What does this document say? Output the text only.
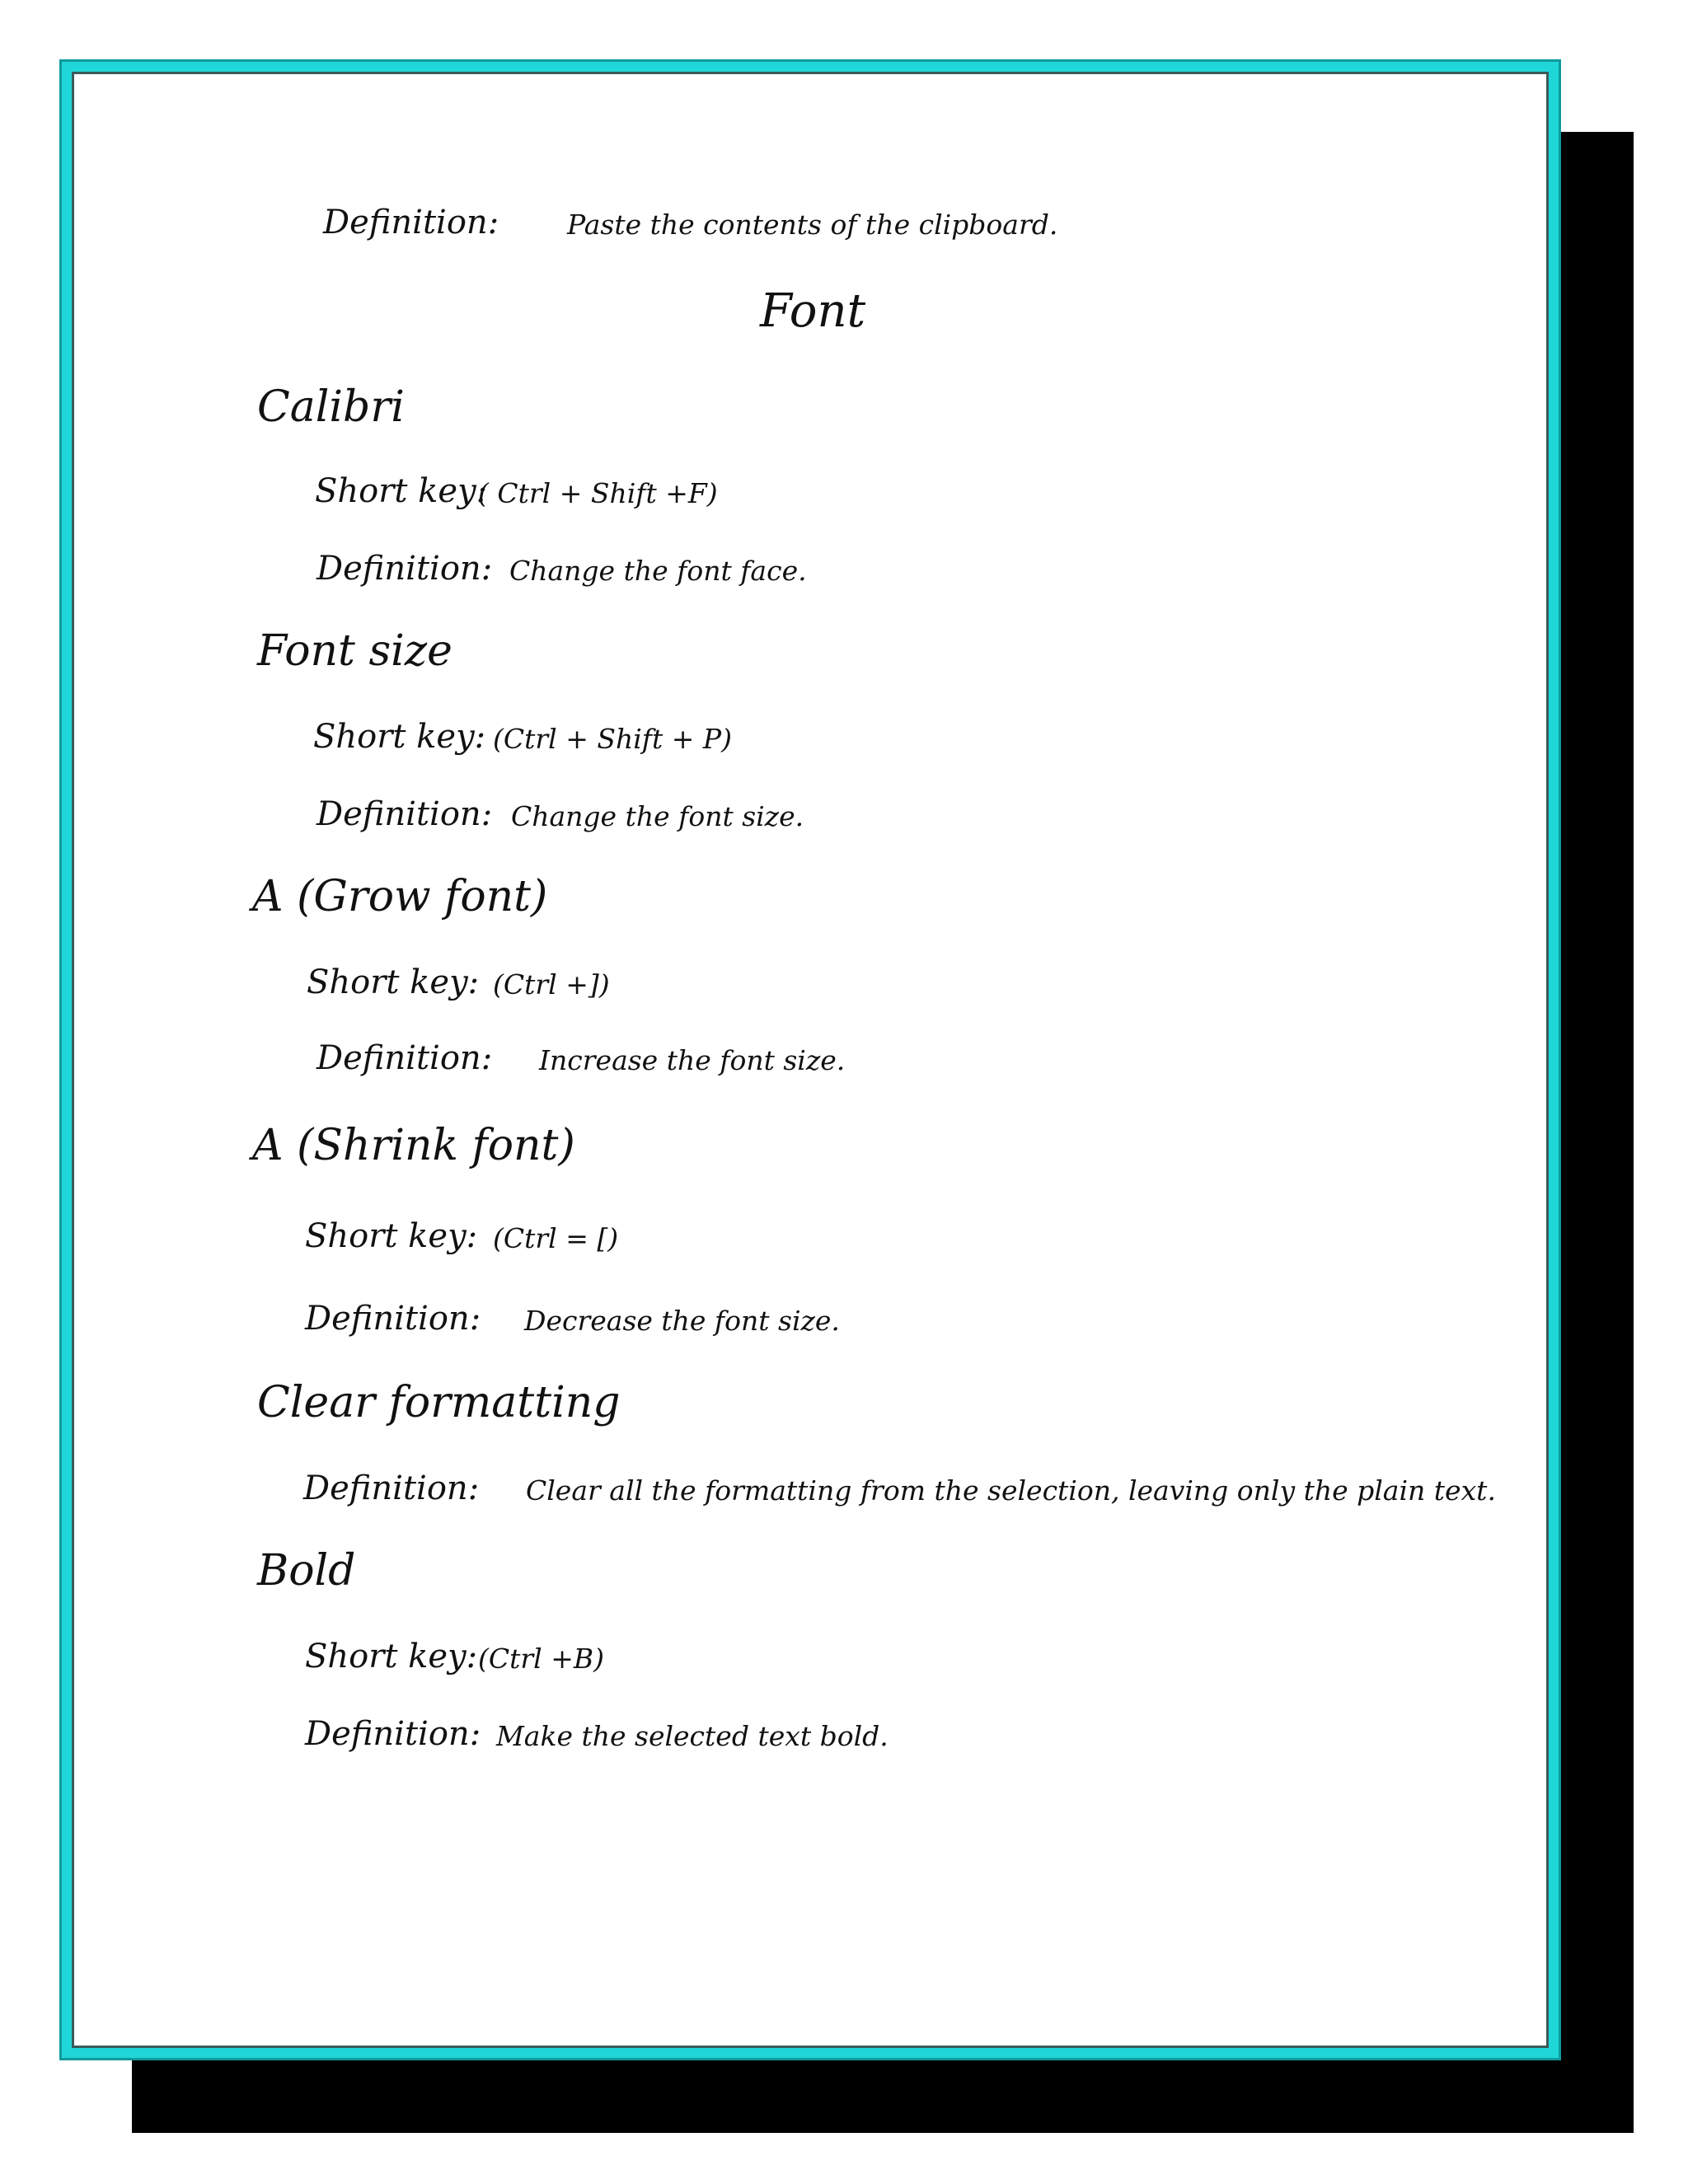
Definition:	Paste the contents of the clipboard.
Font
Calibri
Short key:
( Ctrl + Shift +F)
Definition: Change the font face.
Font size
Short key: (Ctrl + Shift + P)
Definition: Change the font size.
A (Grow font)
Short key: (Ctrl +])
Definition: Increase the font size.
A (Shrink font)
Short key: (Ctrl = [)
Definition: Decrease the font size.
Clear formatting
Definition: Clear all the formatting from the selection, leaving only the plain text.
Bold
Short key: (Ctrl +B)
Definition: Make the selected text bold.
